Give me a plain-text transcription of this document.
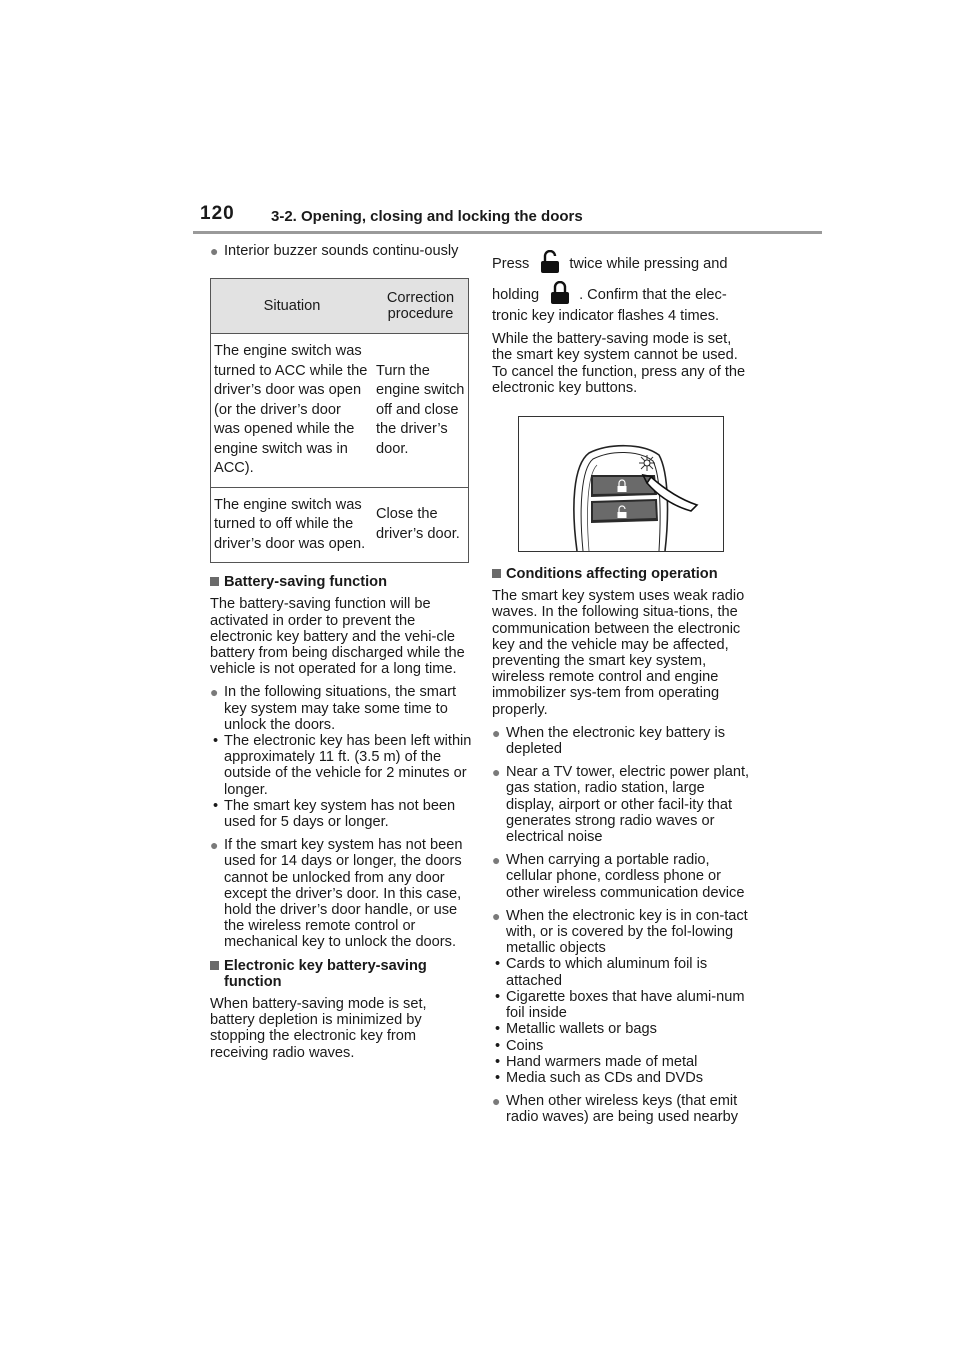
120 3-2. Opening, closing and locking the doors
● Interior buzzer sounds continu-ously
Situation	Correction procedure
The engine switch was turned to ACC while the driver’s door was open (or the driver’s door was opened while the engine switch was in ACC).	Turn the engine switch off and close the driver’s door.
The engine switch was turned to off while the driver’s door was open.	Close the driver’s door.
Battery-saving function

The battery-saving function will be activated in order to prevent the electronic key battery and the vehi-cle battery from being discharged while the vehicle is not operated for a long time.

● In the following situations, the smart key system may take some time to unlock the doors.
• The electronic key has been left within approximately 11 ft. (3.5 m) of the outside of the vehicle for 2 minutes or longer.
• The smart key system has not been used for 5 days or longer.
● If the smart key system has not been used for 14 days or longer, the doors cannot be unlocked from any door except the driver’s door. In this case, hold the driver’s door handle, or use the wireless remote control or mechanical key to unlock the doors.
Electronic key battery-saving function

When battery-saving mode is set, battery depletion is minimized by stopping the electronic key from receiving radio waves.

Press	twice while pressing and

holding	. Confirm that the elec-

tronic key indicator flashes 4 times.

While the battery-saving mode is set, the smart key system cannot be used. To cancel the function, press any of the electronic key buttons.

Conditions affecting operation

The smart key system uses weak radio waves. In the following situa-tions, the communication between the electronic key and the vehicle may be affected, preventing the smart key system, wireless remote control and engine immobilizer sys-tem from operating properly.

● When the electronic key battery is depleted
● Near a TV tower, electric power plant, gas station, radio station, large display, airport or other facil-ity that generates strong radio waves or electrical noise
● When carrying a portable radio, cellular phone, cordless phone or other wireless communication device
● When the electronic key is in con-tact with, or is covered by the fol-lowing metallic objects
• Cards to which aluminum foil is attached
• Cigarette boxes that have alumi-num foil inside
• Metallic wallets or bags
• Coins
• Hand warmers made of metal
• Media such as CDs and DVDs
● When other wireless keys (that emit radio waves) are being used nearby
